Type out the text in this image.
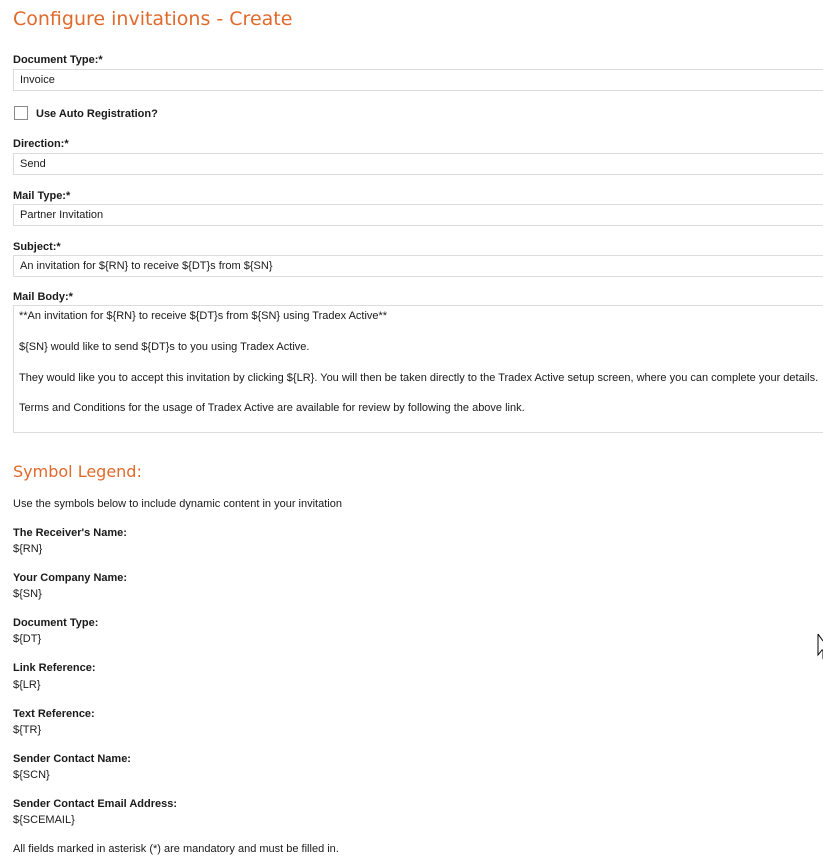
Configure invitations - Create
Document Type:*
Invoice
Use Auto Registration?
Direction:*
Send
Mail Type:*
Partner Invitation
Subject:*
An invitation for ${RN} to receive ${DT}s from ${SN}
Mail Body:*

**An invitation for ${RN} to receive ${DT}s from ${SN} using Tradex Active**

${SN} would like to send ${DT}s to you using Tradex Active.

They would like you to accept this invitation by clicking ${LR}. You will then be taken directly to the Tradex Active setup screen, where you can complete your details.

Terms and Conditions for the usage of Tradex Active are available for review by following the above link.

Symbol Legend:
Use the symbols below to include dynamic content in your invitation
The Receiver's Name:
${RN}
Your Company Name:
${SN}
Document Type:
${DT}
Link Reference:
${LR}
Text Reference:
${TR}
Sender Contact Name:
${SCN}
Sender Contact Email Address:
${SCEMAIL}
All fields marked in asterisk (*) are mandatory and must be filled in.
